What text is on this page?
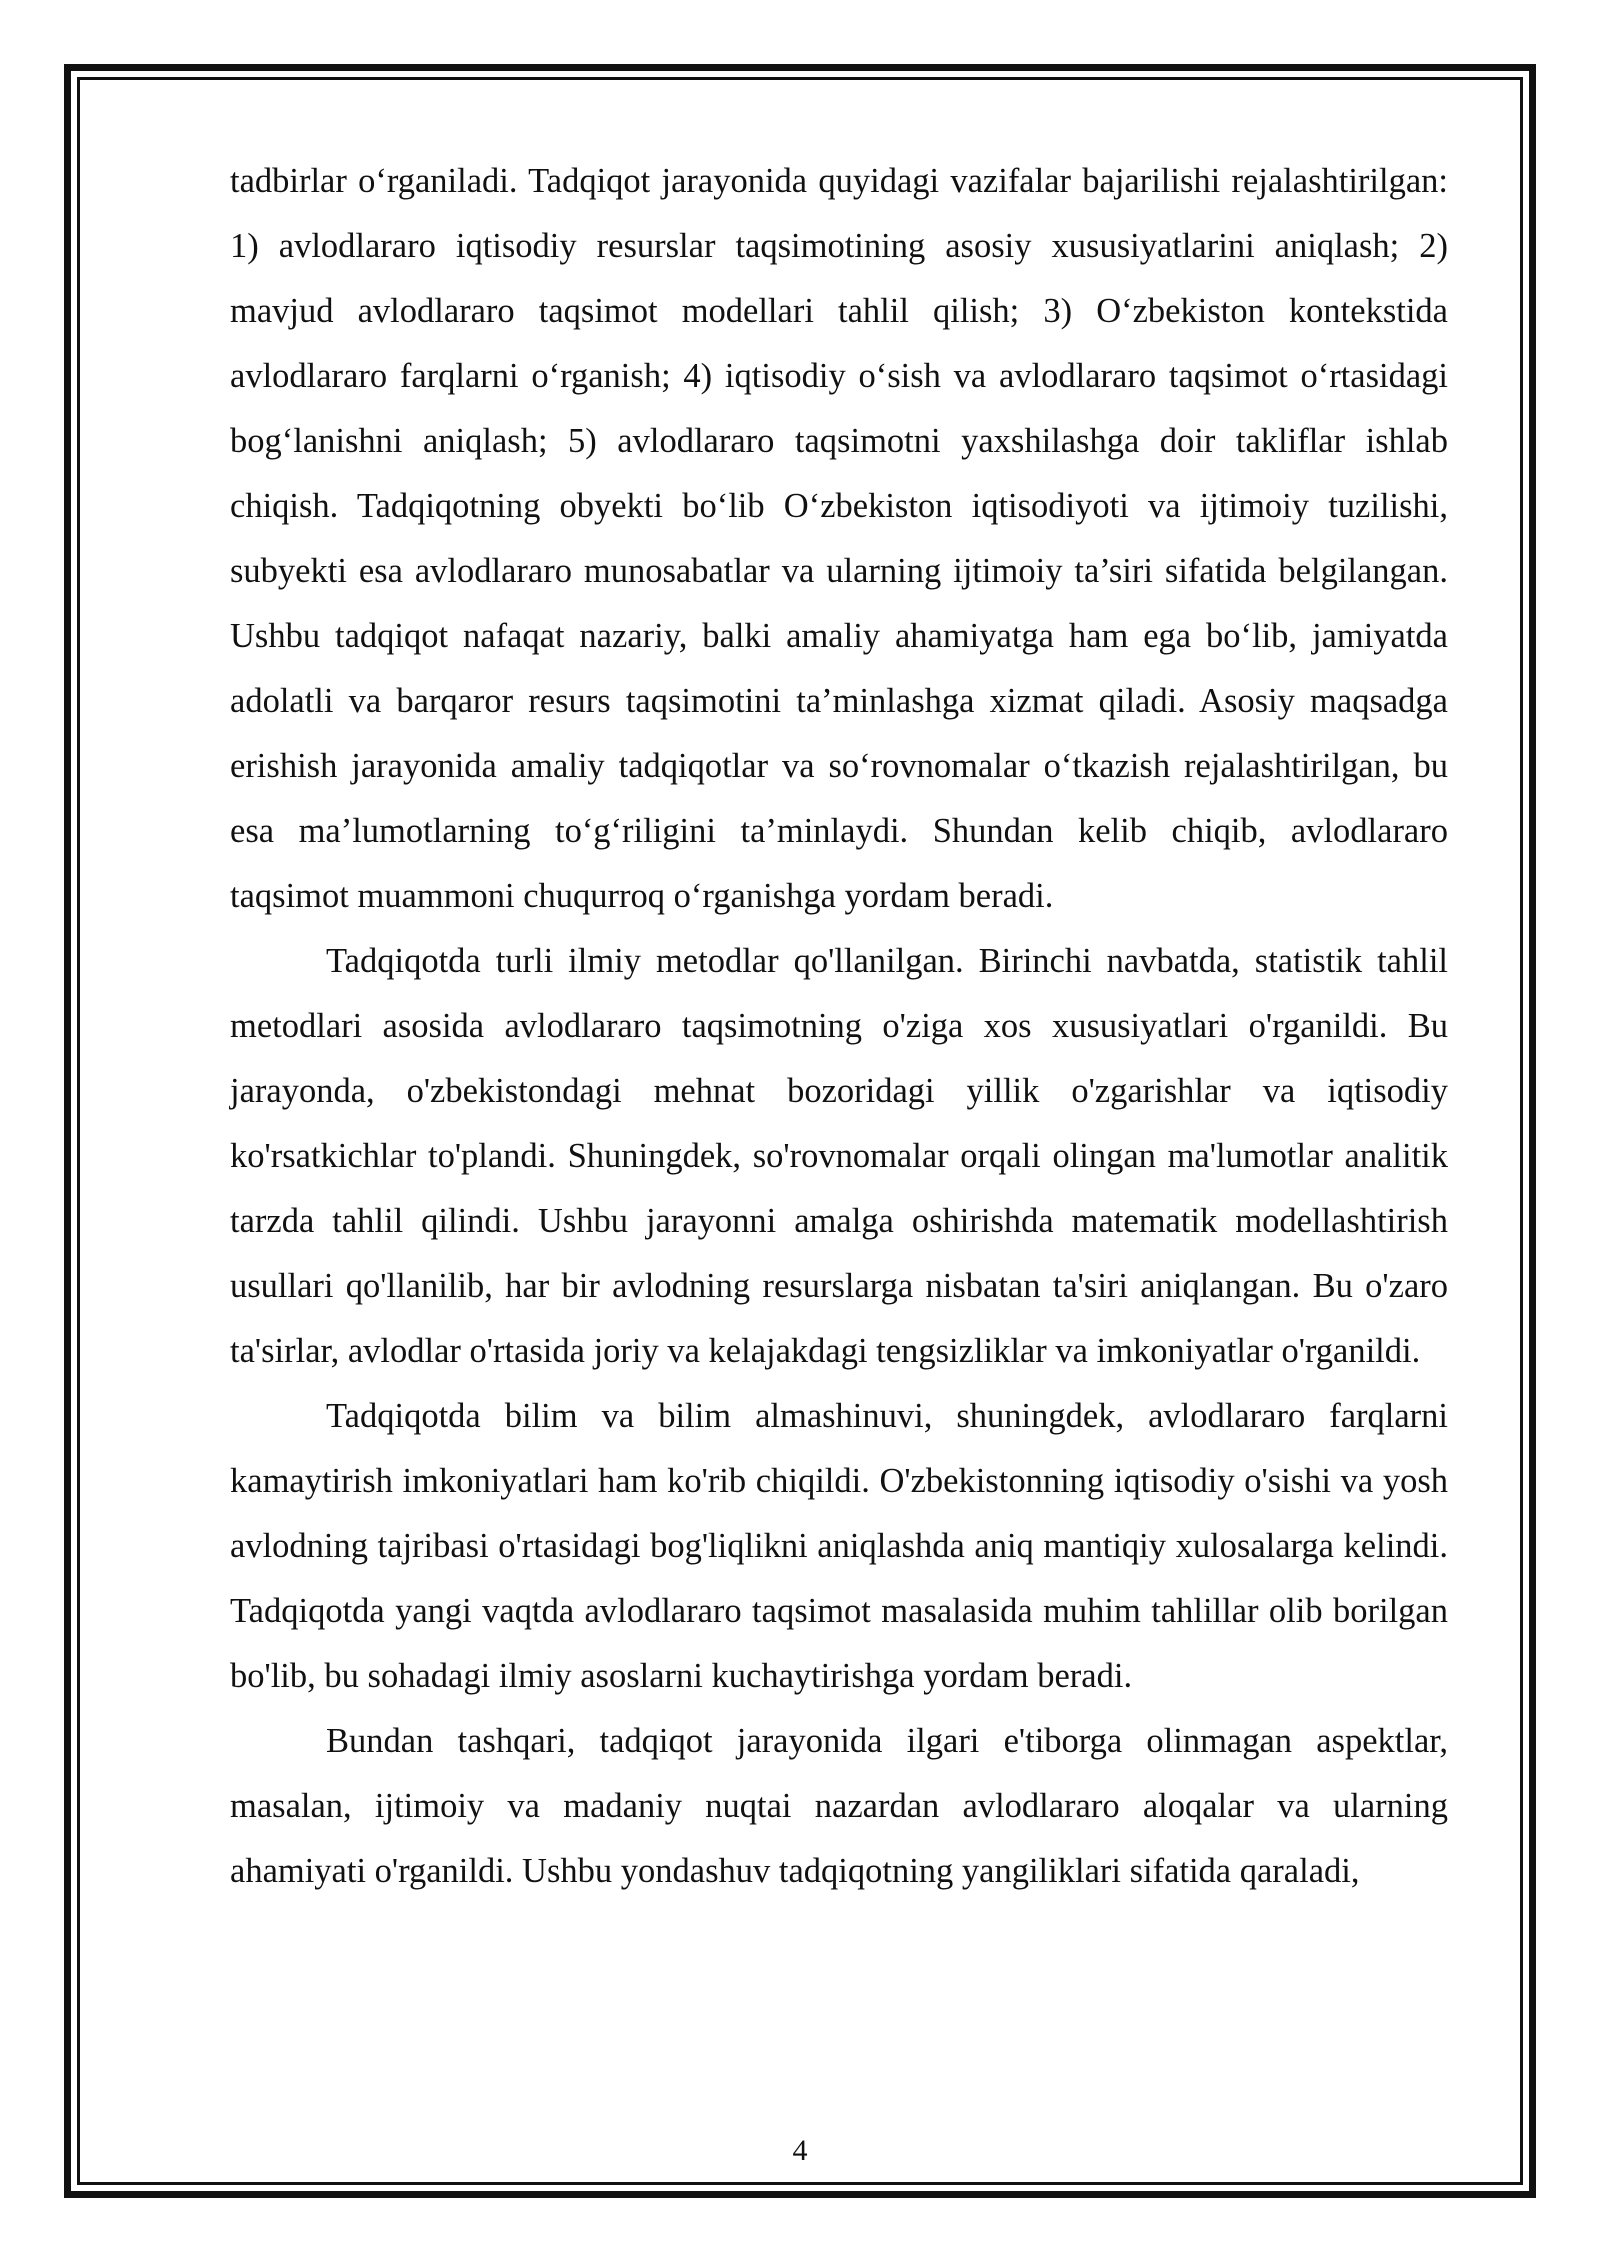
tadbirlar o‘rganiladi. Tadqiqot jarayonida quyidagi vazifalar bajarilishi rejalashtirilgan: 1) avlodlararo iqtisodiy resurslar taqsimotining asosiy xususiyatlarini aniqlash; 2) mavjud avlodlararo taqsimot modellari tahlil qilish; 3) O‘zbekiston kontekstida avlodlararo farqlarni o‘rganish; 4) iqtisodiy o‘sish va avlodlararo taqsimot o‘rtasidagi bog‘lanishni aniqlash; 5) avlodlararo taqsimotni yaxshilashga doir takliflar ishlab chiqish. Tadqiqotning obyekti bo‘lib O‘zbekiston iqtisodiyoti va ijtimoiy tuzilishi, subyekti esa avlodlararo munosabatlar va ularning ijtimoiy ta’siri sifatida belgilangan. Ushbu tadqiqot nafaqat nazariy, balki amaliy ahamiyatga ham ega bo‘lib, jamiyatda adolatli va barqaror resurs taqsimotini ta’minlashga xizmat qiladi. Asosiy maqsadga erishish jarayonida amaliy tadqiqotlar va so‘rovnomalar o‘tkazish rejalashtirilgan, bu esa ma’lumotlarning to‘g‘riligini ta’minlaydi. Shundan kelib chiqib, avlodlararo taqsimot muammoni chuqurroq o‘rganishga yordam beradi.

Tadqiqotda turli ilmiy metodlar qo'llanilgan. Birinchi navbatda, statistik tahlil metodlari asosida avlodlararo taqsimotning o'ziga xos xususiyatlari o'rganildi. Bu jarayonda, o'zbekistondagi mehnat bozoridagi yillik o'zgarishlar va iqtisodiy ko'rsatkichlar to'plandi. Shuningdek, so'rovnomalar orqali olingan ma'lumotlar analitik tarzda tahlil qilindi. Ushbu jarayonni amalga oshirishda matematik modellashtirish usullari qo'llanilib, har bir avlodning resurslarga nisbatan ta'siri aniqlangan. Bu o'zaro ta'sirlar, avlodlar o'rtasida joriy va kelajakdagi tengsizliklar va imkoniyatlar o'rganildi.

Tadqiqotda bilim va bilim almashinuvi, shuningdek, avlodlararo farqlarni kamaytirish imkoniyatlari ham ko'rib chiqildi. O'zbekistonning iqtisodiy o'sishi va yosh avlodning tajribasi o'rtasidagi bog'liqlikni aniqlashda aniq mantiqiy xulosalarga kelindi. Tadqiqotda yangi vaqtda avlodlararo taqsimot masalasida muhim tahlillar olib borilgan bo'lib, bu sohadagi ilmiy asoslarni kuchaytirishga yordam beradi.

Bundan tashqari, tadqiqot jarayonida ilgari e'tiborga olinmagan aspektlar, masalan, ijtimoiy va madaniy nuqtai nazardan avlodlararo aloqalar va ularning ahamiyati o'rganildi. Ushbu yondashuv tadqiqotning yangiliklari sifatida qaraladi,

4
